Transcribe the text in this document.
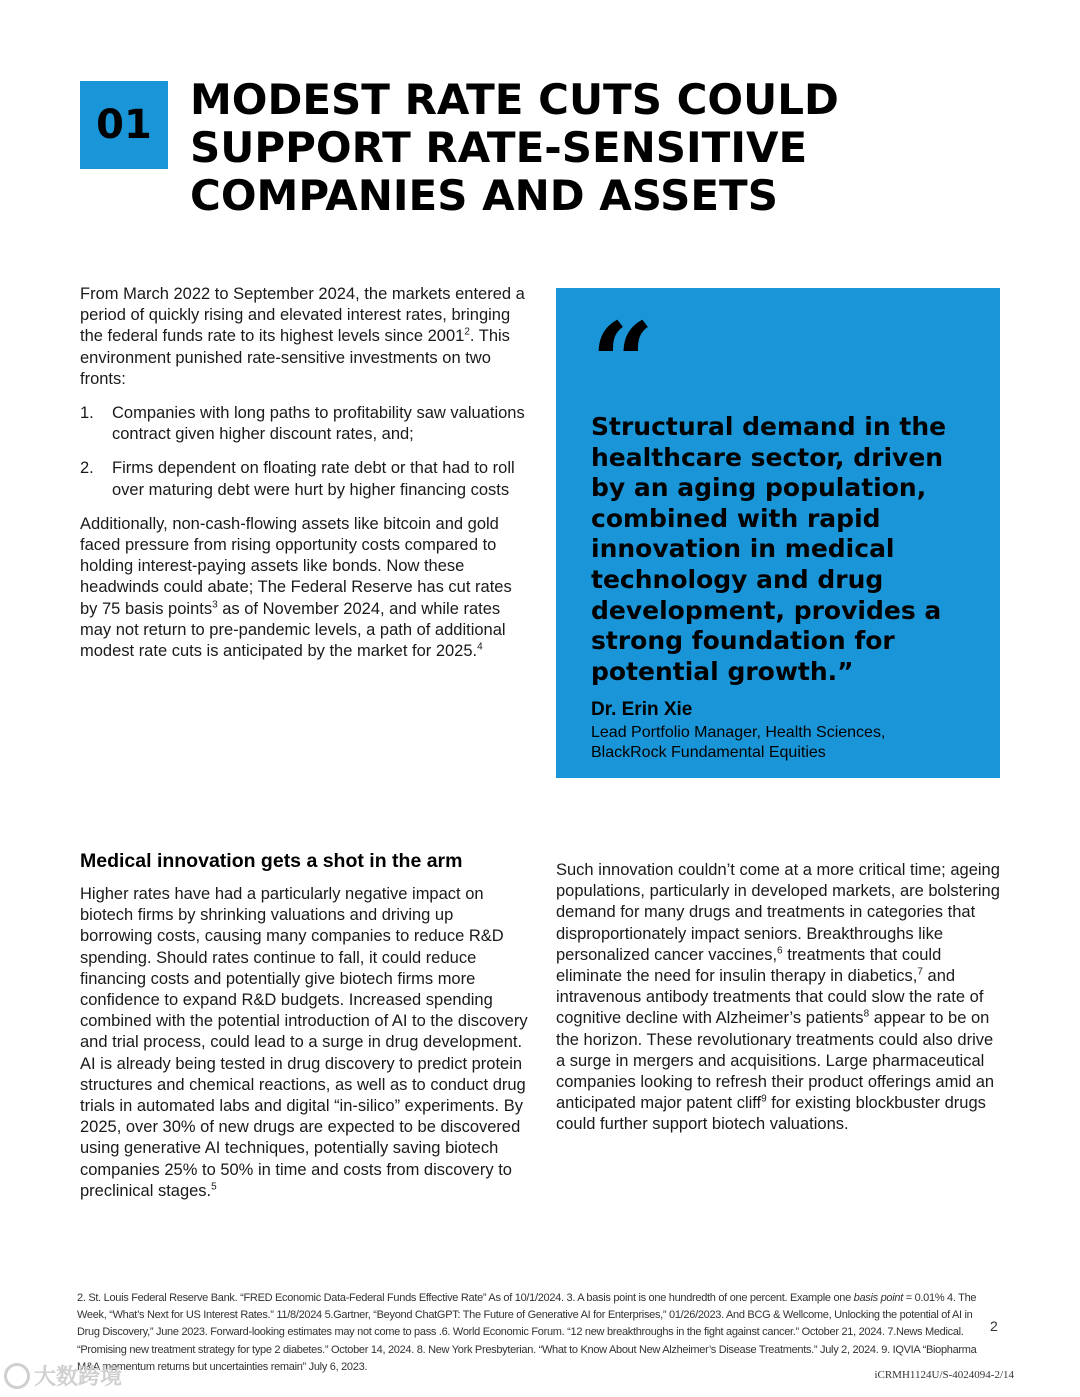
01
MODEST RATE CUTS COULD SUPPORT RATE-SENSITIVE COMPANIES AND ASSETS

From March 2022 to September 2024, the markets entered a period of quickly rising and elevated interest rates, bringing the federal funds rate to its highest levels since 2001$^2$. This environment punished rate-sensitive investments on two fronts:

1.	Companies with long paths to profitability saw valuations contract given higher discount rates, and;
2.	Firms dependent on floating rate debt or that had to roll over maturing debt were hurt by higher financing costs

Additionally, non-cash-flowing assets like bitcoin and gold faced pressure from rising opportunity costs compared to holding interest-paying assets like bonds. Now these headwinds could abate; The Federal Reserve has cut rates by 75 basis points$^3$ as of November 2024, and while rates may not return to pre-pandemic levels, a path of additional modest rate cuts is anticipated by the market for 2025.$^4$

“

Structural demand in the healthcare sector, driven by an aging population, combined with rapid innovation in medical technology and drug development, provides a strong foundation for potential growth.”

Dr. Erin Xie

Lead Portfolio Manager, Health Sciences,
BlackRock Fundamental Equities

Medical innovation gets a shot in the arm

Higher rates have had a particularly negative impact on biotech firms by shrinking valuations and driving up borrowing costs, causing many companies to reduce R&D spending. Should rates continue to fall, it could reduce financing costs and potentially give biotech firms more confidence to expand R&D budgets. Increased spending combined with the potential introduction of AI to the discovery and trial process, could lead to a surge in drug development. AI is already being tested in drug discovery to predict protein structures and chemical reactions, as well as to conduct drug trials in automated labs and digital “in-silico” experiments. By 2025, over 30% of new drugs are expected to be discovered using generative AI techniques, potentially saving biotech companies 25% to 50% in time and costs from discovery to preclinical stages.$^5$

Such innovation couldn’t come at a more critical time; ageing populations, particularly in developed markets, are bolstering demand for many drugs and treatments in categories that disproportionately impact seniors. Breakthroughs like personalized cancer vaccines,$^6$ treatments that could eliminate the need for insulin therapy in diabetics,$^7$ and intravenous antibody treatments that could slow the rate of cognitive decline with Alzheimer’s patients$^8$ appear to be on the horizon. These revolutionary treatments could also drive a surge in mergers and acquisitions. Large pharmaceutical companies looking to refresh their product offerings amid an anticipated major patent cliff$^9$ for existing blockbuster drugs could further support biotech valuations.

2. St. Louis Federal Reserve Bank. “FRED Economic Data-Federal Funds Effective Rate” As of 10/1/2024. 3. A basis point is one hundredth of one percent. Example one basis point = 0.01% 4. The Week, “What’s Next for US Interest Rates.” 11/8/2024 5.Gartner, “Beyond ChatGPT: The Future of Generative AI for Enterprises,” 01/26/2023. And BCG & Wellcome, Unlocking the potential of AI in Drug Discovery,” June 2023. Forward-looking estimates may not come to pass .6. World Economic Forum. “12 new breakthroughs in the fight against cancer.” October 21, 2024. 7.News Medical. “Promising new treatment strategy for type 2 diabetes.” October 14, 2024. 8. New York Presbyterian. “What to Know About New Alzheimer’s Disease Treatments.” July 2, 2024. 9. IQVIA “Biopharma M&A momentum returns but uncertainties remain” July 6, 2023.

2
iCRMH1124U/S-4024094-2/14
大数跨境
